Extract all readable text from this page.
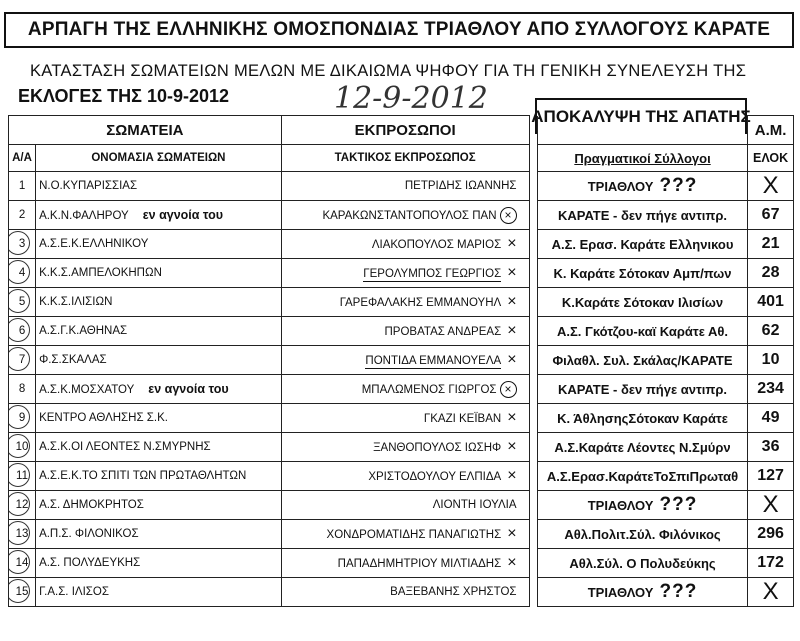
ΑΡΠΑΓΗ ΤΗΣ ΕΛΛΗΝΙΚΗΣ ΟΜΟΣΠΟΝΔΙΑΣ ΤΡΙΑΘΛΟΥ ΑΠΟ ΣΥΛΛΟΓΟΥΣ ΚΑΡΑΤΕ
ΚΑΤΑΣΤΑΣΗ ΣΩΜΑΤΕΙΩΝ ΜΕΛΩΝ ΜΕ ΔΙΚΑΙΩΜΑ ΨΗΦΟΥ ΓΙΑ ΤΗ ΓΕΝΙΚΗ ΣΥΝΕΛΕΥΣΗ ΤΗΣ
ΕΚΛΟΓΕΣ ΤΗΣ 10-9-2012	12-9-2012
ΑΠΟΚΑΛΥΨΗ ΤΗΣ ΑΠΑΤΗΣ
ΣΩΜΑΤΕΙΑ		ΕΚΠΡΟΣΩΠΟΙ			Α.Μ.
Α/Α	ΟΝΟΜΑΣΙΑ ΣΩΜΑΤΕΙΩΝ	ΤΑΚΤΙΚΟΣ ΕΚΠΡΟΣΩΠΟΣ		Πραγματικοί Σύλλογοι	ΕΛΟΚ
1	Ν.Ο.ΚΥΠΑΡΙΣΣΙΑΣ	ΠΕΤΡΙΔΗΣ ΙΩΑΝΝΗΣ		ΤΡΙΑΘΛΟΥ ???	X
2	Α.Κ.Ν.ΦΑΛΗΡΟΥ εν αγνοία του	ΚΑΡΑΚΩΝΣΤΑΝΤΟΠΟΥΛΟΣ ΠΑΝ ×		ΚΑΡΑΤΕ - δεν πήγε αντιπρ.	67
3	Α.Σ.Ε.Κ.ΕΛΛΗΝΙΚΟΥ	ΛΙΑΚΟΠΟΥΛΟΣ ΜΑΡΙΟΣ ×		Α.Σ. Ερασ. Καράτε Ελληνικου	21
4	Κ.Κ.Σ.ΑΜΠΕΛΟΚΗΠΩΝ	ΓΕΡΟΛΥΜΠΟΣ ΓΕΩΡΓΙΟΣ ×		Κ. Καράτε Σότοκαν Αμπ/πων	28
5	Κ.Κ.Σ.ΙΛΙΣΙΩΝ	ΓΑΡΕΦΑΛΑΚΗΣ ΕΜΜΑΝΟΥΗΛ ×		Κ.Καράτε Σότοκαν Ιλισίων	401
6	Α.Σ.Γ.Κ.ΑΘΗΝΑΣ	ΠΡΟΒΑΤΑΣ ΑΝΔΡΕΑΣ ×		Α.Σ. Γκότζου-καϊ Καράτε Αθ.	62
7	Φ.Σ.ΣΚΑΛΑΣ	ΠΟΝΤΙΔΑ ΕΜΜΑΝΟΥΕΛΑ ×		Φιλαθλ. Συλ. Σκάλας/ΚΑΡΑΤΕ	10
8	Α.Σ.Κ.ΜΟΣΧΑΤΟΥ εν αγνοία του	ΜΠΑΛΩΜΕΝΟΣ ΓΙΩΡΓΟΣ ×		ΚΑΡΑΤΕ - δεν πήγε αντιπρ.	234
9	ΚΕΝΤΡΟ ΑΘΛΗΣΗΣ Σ.Κ.	ΓΚΑΖΙ ΚΕΪΒΑΝ ×		Κ. ΆθλησηςΣότοκαν Καράτε	49
10	Α.Σ.Κ.ΟΙ ΛΕΟΝΤΕΣ Ν.ΣΜΥΡΝΗΣ	ΞΑΝΘΟΠΟΥΛΟΣ ΙΩΣΗΦ ×		Α.Σ.Καράτε Λέοντες Ν.Σμύρν	36
11	Α.Σ.Ε.Κ.ΤΟ ΣΠΙΤΙ ΤΩΝ ΠΡΩΤΑΘΛΗΤΩΝ	ΧΡΙΣΤΟΔΟΥΛΟΥ ΕΛΠΙΔΑ ×		Α.Σ.Ερασ.ΚαράτεΤοΣπιΠρωταθ	127
12	Α.Σ. ΔΗΜΟΚΡΗΤΟΣ	ΛΙΟΝΤΗ ΙΟΥΛΙΑ		ΤΡΙΑΘΛΟΥ ???	X
13	Α.Π.Σ. ΦΙΛΟΝΙΚΟΣ	ΧΟΝΔΡΟΜΑΤΙΔΗΣ ΠΑΝΑΓΙΩΤΗΣ ×		Αθλ.Πολιτ.Σύλ. Φιλόνικος	296
14	Α.Σ. ΠΟΛΥΔΕΥΚΗΣ	ΠΑΠΑΔΗΜΗΤΡΙΟΥ ΜΙΛΤΙΑΔΗΣ ×		Αθλ.Σύλ. Ο Πολυδεύκης	172
15	Γ.Α.Σ. ΙΛΙΣΟΣ	ΒΑΞΕΒΑΝΗΣ ΧΡΗΣΤΟΣ		ΤΡΙΑΘΛΟΥ ???	X
